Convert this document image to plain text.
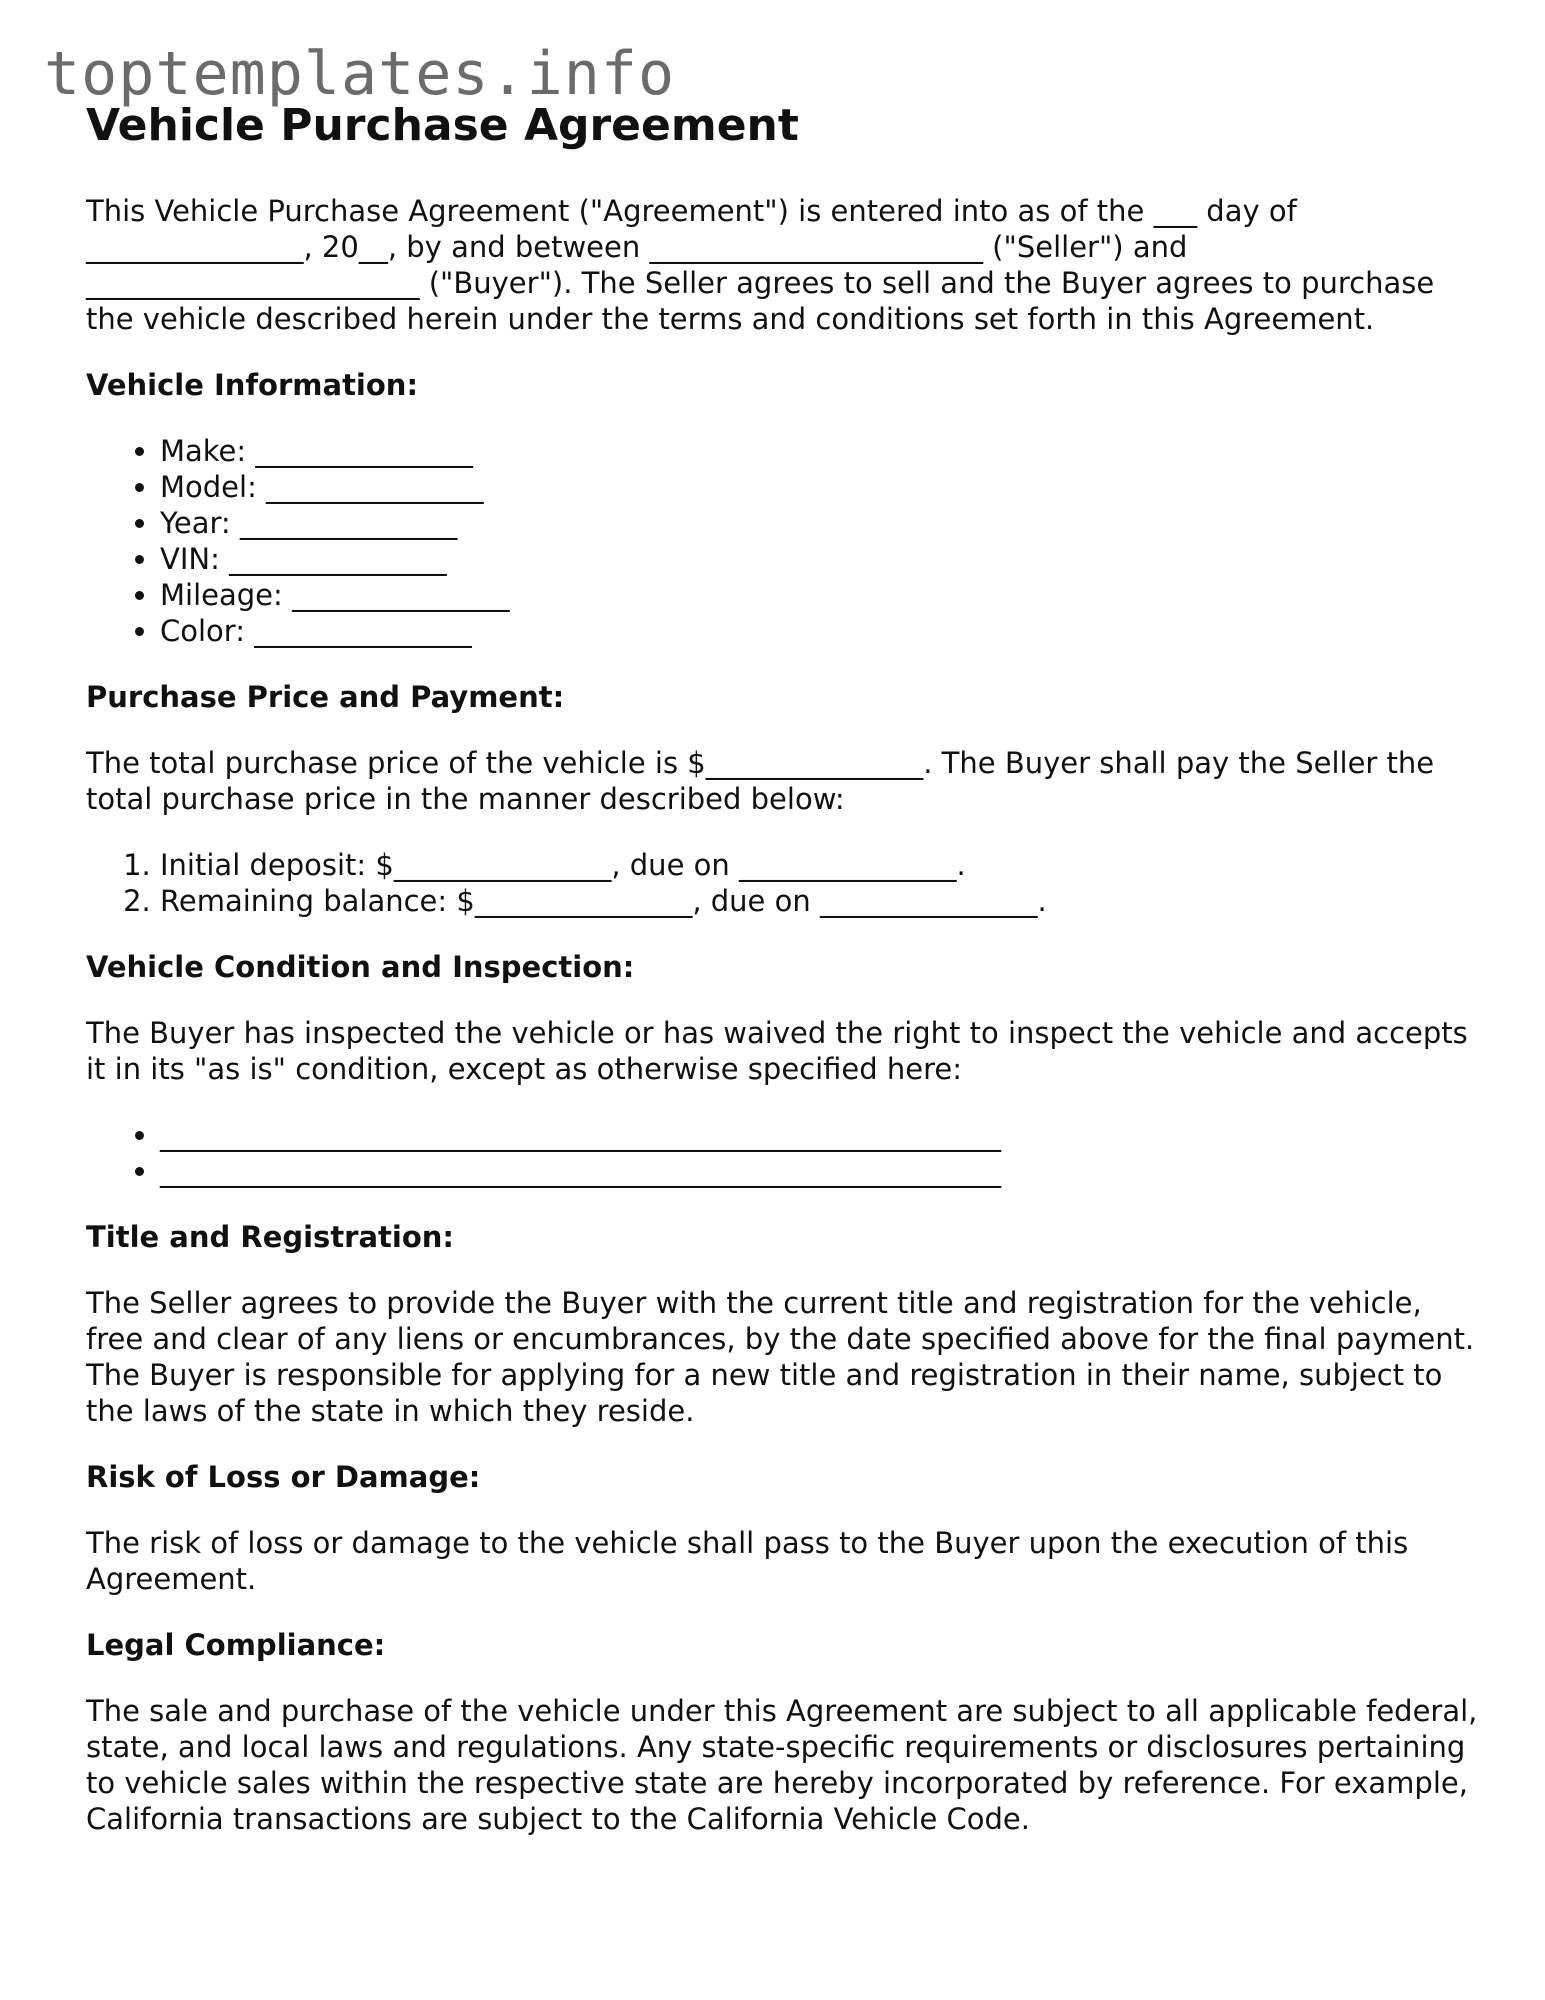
toptemplates.info
Vehicle Purchase Agreement

This Vehicle Purchase Agreement ("Agreement") is entered into as of the ___ day of _______________, 20__, by and between _______________________ ("Seller") and _______________________ ("Buyer"). The Seller agrees to sell and the Buyer agrees to purchase the vehicle described herein under the terms and conditions set forth in this Agreement.

Vehicle Information:
• Make: _______________
• Model: _______________
• Year: _______________
• VIN: _______________
• Mileage: _______________
• Color: _______________
Purchase Price and Payment:

The total purchase price of the vehicle is $_______________. The Buyer shall pay the Seller the total purchase price in the manner described below:

1. Initial deposit: $_______________, due on _______________.
2. Remaining balance: $_______________, due on _______________.
Vehicle Condition and Inspection:

The Buyer has inspected the vehicle or has waived the right to inspect the vehicle and accepts it in its "as is" condition, except as otherwise specified here:

• __________________________________________________________
• __________________________________________________________
Title and Registration:

The Seller agrees to provide the Buyer with the current title and registration for the vehicle, free and clear of any liens or encumbrances, by the date specified above for the final payment. The Buyer is responsible for applying for a new title and registration in their name, subject to the laws of the state in which they reside.

Risk of Loss or Damage:

The risk of loss or damage to the vehicle shall pass to the Buyer upon the execution of this Agreement.

Legal Compliance:

The sale and purchase of the vehicle under this Agreement are subject to all applicable federal, state, and local laws and regulations. Any state-specific requirements or disclosures pertaining to vehicle sales within the respective state are hereby incorporated by reference. For example, California transactions are subject to the California Vehicle Code.
